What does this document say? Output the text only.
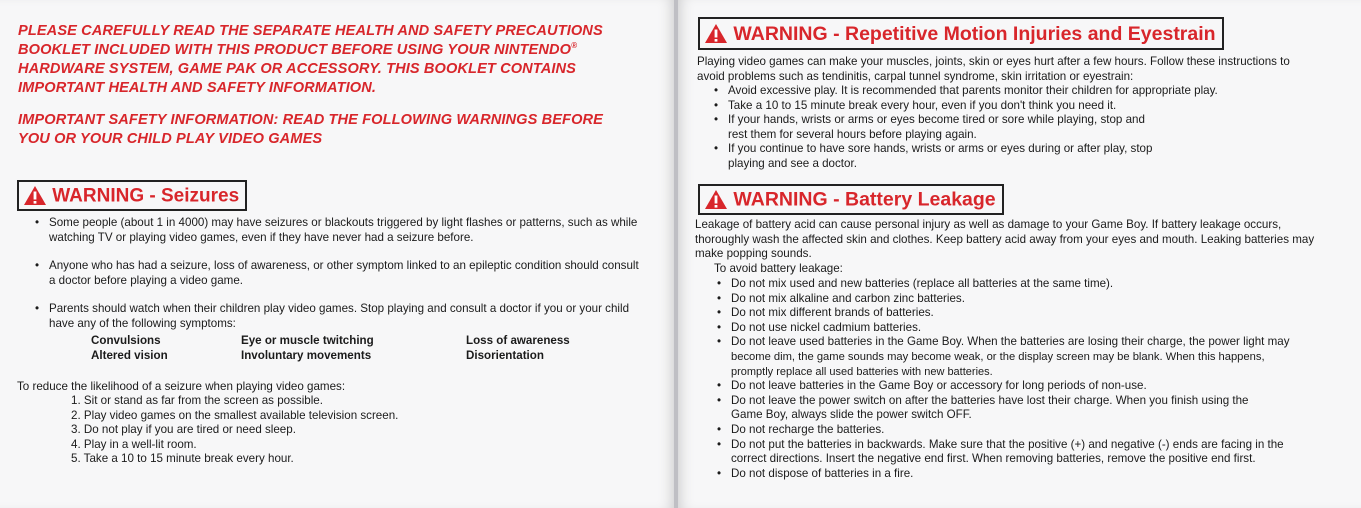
PLEASE CAREFULLY READ THE SEPARATE HEALTH AND SAFETY PRECAUTIONS
BOOKLET INCLUDED WITH THIS PRODUCT BEFORE USING YOUR NINTENDO®
HARDWARE SYSTEM, GAME PAK OR ACCESSORY. THIS BOOKLET CONTAINS
IMPORTANT HEALTH AND SAFETY INFORMATION.
IMPORTANT SAFETY INFORMATION: READ THE FOLLOWING WARNINGS BEFORE
YOU OR YOUR CHILD PLAY VIDEO GAMES
WARNING - Seizures
• Some people (about 1 in 4000) may have seizures or blackouts triggered by light flashes or patterns, such as while
watching TV or playing video games, even if they have never had a seizure before.
• Anyone who has had a seizure, loss of awareness, or other symptom linked to an epileptic condition should consult
a doctor before playing a video game.
• Parents should watch when their children play video games. Stop playing and consult a doctor if you or your child
have any of the following symptoms:
Convulsions	Eye or muscle twitching	Loss of awareness
Altered vision	Involuntary movements	Disorientation
To reduce the likelihood of a seizure when playing video games:
1. Sit or stand as far from the screen as possible.
2. Play video games on the smallest available television screen.
3. Do not play if you are tired or need sleep.
4. Play in a well-lit room.
5. Take a 10 to 15 minute break every hour.
WARNING - Repetitive Motion Injuries and Eyestrain
Playing video games can make your muscles, joints, skin or eyes hurt after a few hours. Follow these instructions to
avoid problems such as tendinitis, carpal tunnel syndrome, skin irritation or eyestrain:
• Avoid excessive play. It is recommended that parents monitor their children for appropriate play.
• Take a 10 to 15 minute break every hour, even if you don't think you need it.
• If your hands, wrists or arms or eyes become tired or sore while playing, stop and
rest them for several hours before playing again.
• If you continue to have sore hands, wrists or arms or eyes during or after play, stop
playing and see a doctor.
WARNING - Battery Leakage
Leakage of battery acid can cause personal injury as well as damage to your Game Boy. If battery leakage occurs,
thoroughly wash the affected skin and clothes. Keep battery acid away from your eyes and mouth. Leaking batteries may
make popping sounds.
To avoid battery leakage:
• Do not mix used and new batteries (replace all batteries at the same time).
• Do not mix alkaline and carbon zinc batteries.
• Do not mix different brands of batteries.
• Do not use nickel cadmium batteries.
• Do not leave used batteries in the Game Boy. When the batteries are losing their charge, the power light may
become dim, the game sounds may become weak, or the display screen may be blank. When this happens,
promptly replace all used batteries with new batteries.
• Do not leave batteries in the Game Boy or accessory for long periods of non-use.
• Do not leave the power switch on after the batteries have lost their charge. When you finish using the
Game Boy, always slide the power switch OFF.
• Do not recharge the batteries.
• Do not put the batteries in backwards. Make sure that the positive (+) and negative (-) ends are facing in the
correct directions. Insert the negative end first. When removing batteries, remove the positive end first.
• Do not dispose of batteries in a fire.
